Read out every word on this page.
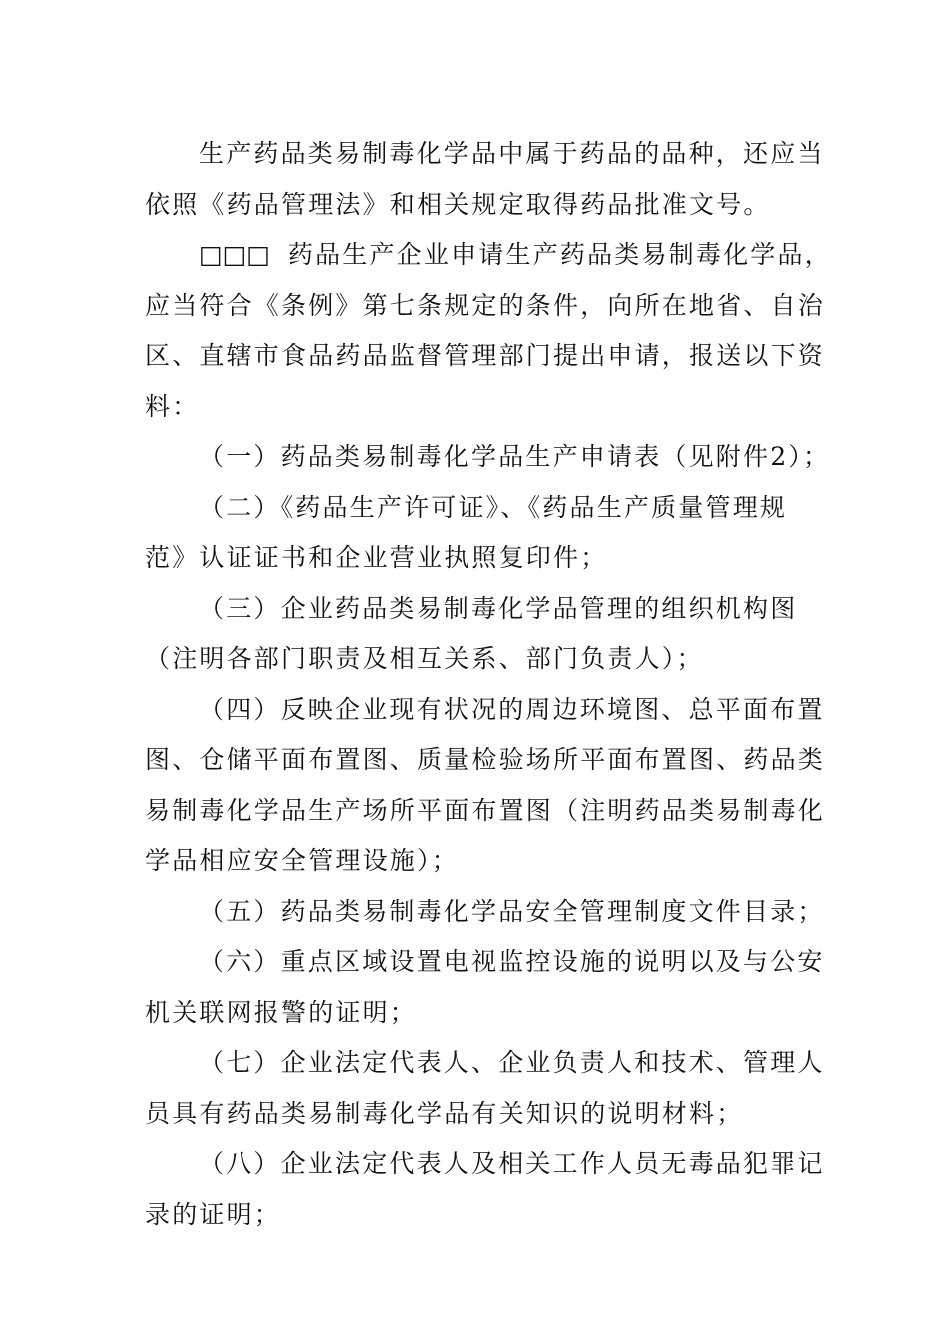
生产药品类易制毒化学品中属于药品的品种，还应当
依照《药品管理法》和相关规定取得药品批准文号。
□□□ 药品生产企业申请生产药品类易制毒化学品，
应当符合《条例》第七条规定的条件，向所在地省、自治
区、直辖市食品药品监督管理部门提出申请，报送以下资
料：
（一）药品类易制毒化学品生产申请表（见附件2）；
（二）《药品生产许可证》、《药品生产质量管理规
范》认证证书和企业营业执照复印件；
（三）企业药品类易制毒化学品管理的组织机构图
（注明各部门职责及相互关系、部门负责人）；
（四）反映企业现有状况的周边环境图、总平面布置
图、仓储平面布置图、质量检验场所平面布置图、药品类
易制毒化学品生产场所平面布置图（注明药品类易制毒化
学品相应安全管理设施）；
（五）药品类易制毒化学品安全管理制度文件目录；
（六）重点区域设置电视监控设施的说明以及与公安
机关联网报警的证明；
（七）企业法定代表人、企业负责人和技术、管理人
员具有药品类易制毒化学品有关知识的说明材料；
（八）企业法定代表人及相关工作人员无毒品犯罪记
录的证明；
